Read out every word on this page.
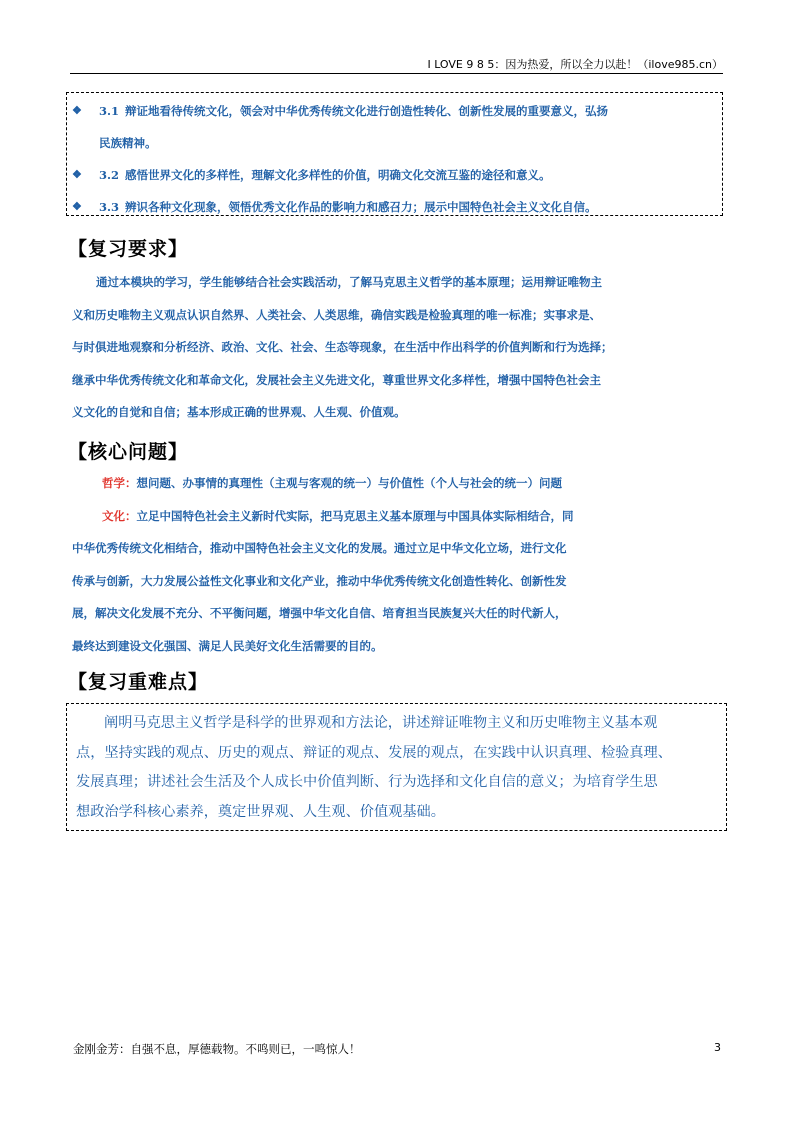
I LOVE 9 8 5：因为热爱，所以全力以赴！（ilove985.cn）
❖ 3.1 辩证地看待传统文化，领会对中华优秀传统文化进行创造性转化、创新性发展的重要意义，弘扬
民族精神。
❖ 3.2 感悟世界文化的多样性，理解文化多样性的价值，明确文化交流互鉴的途径和意义。
❖ 3.3 辨识各种文化现象，领悟优秀文化作品的影响力和感召力；展示中国特色社会主义文化自信。
【复习要求】

通过本模块的学习，学生能够结合社会实践活动，了解马克思主义哲学的基本原理；运用辩证唯物主

义和历史唯物主义观点认识自然界、人类社会、人类思维，确信实践是检验真理的唯一标准；实事求是、

与时俱进地观察和分析经济、政治、文化、社会、生态等现象，在生活中作出科学的价值判断和行为选择；

继承中华优秀传统文化和革命文化，发展社会主义先进文化，尊重世界文化多样性，增强中国特色社会主

义文化的自觉和自信；基本形成正确的世界观、人生观、价值观。

【核心问题】

哲学：想问题、办事情的真理性（主观与客观的统一）与价值性（个人与社会的统一）问题

文化：立足中国特色社会主义新时代实际，把马克思主义基本原理与中国具体实际相结合，同

中华优秀传统文化相结合，推动中国特色社会主义文化的发展。通过立足中华文化立场，进行文化

传承与创新，大力发展公益性文化事业和文化产业，推动中华优秀传统文化创造性转化、创新性发

展，解决文化发展不充分、不平衡问题，增强中华文化自信、培育担当民族复兴大任的时代新人，

最终达到建设文化强国、满足人民美好文化生活需要的目的。

【复习重难点】

阐明马克思主义哲学是科学的世界观和方法论，讲述辩证唯物主义和历史唯物主义基本观

点，坚持实践的观点、历史的观点、辩证的观点、发展的观点，在实践中认识真理、检验真理、

发展真理；讲述社会生活及个人成长中价值判断、行为选择和文化自信的意义；为培育学生思

想政治学科核心素养，奠定世界观、人生观、价值观基础。

金刚金芳：自强不息，厚德载物。不鸣则已，一鸣惊人！	3
